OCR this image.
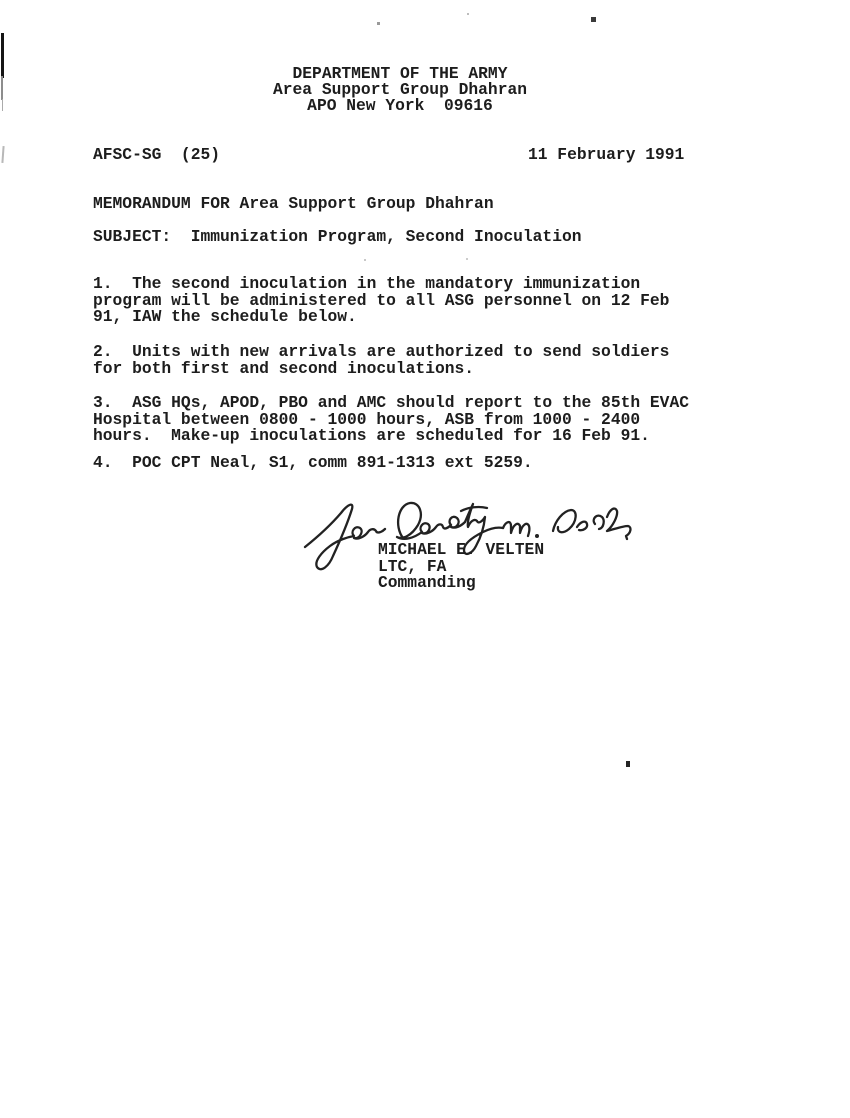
DEPARTMENT OF THE ARMY
Area Support Group Dhahran
APO New York  09616
AFSC-SG  (25)	11 February 1991
MEMORANDUM FOR Area Support Group Dhahran
SUBJECT:  Immunization Program, Second Inoculation
1.  The second inoculation in the mandatory immunization
program will be administered to all ASG personnel on 12 Feb
91, IAW the schedule below.
2.  Units with new arrivals are authorized to send soldiers
for both first and second inoculations.
3.  ASG HQs, APOD, PBO and AMC should report to the 85th EVAC
Hospital between 0800 - 1000 hours, ASB from 1000 - 2400
hours.  Make-up inoculations are scheduled for 16 Feb 91.
4.  POC CPT Neal, S1, comm 891-1313 ext 5259.
MICHAEL E. VELTEN
LTC, FA
Commanding
